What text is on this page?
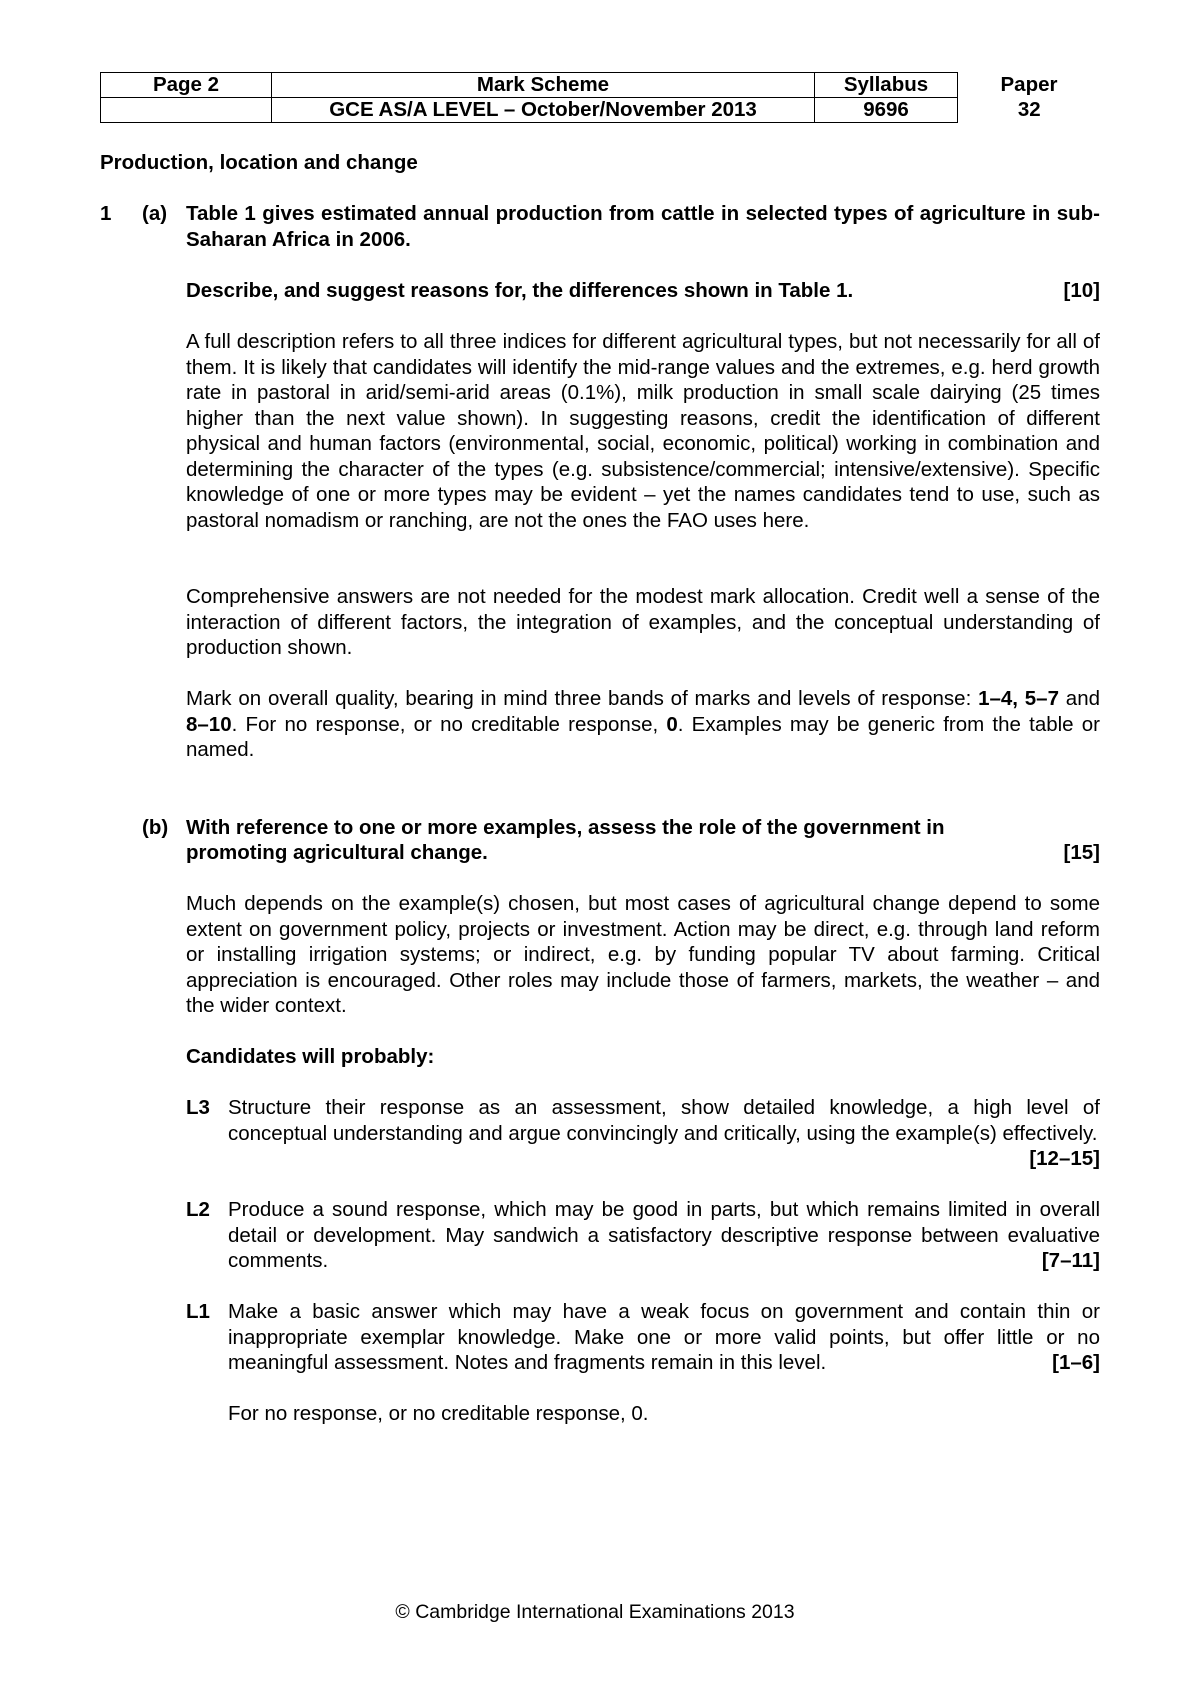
Page 2	Mark Scheme	Syllabus	Paper
	GCE AS/A LEVEL – October/November 2013	9696	32
Production, location and change
1 (a) Table 1 gives estimated annual production from cattle in selected types of agriculture in sub-Saharan Africa in 2006.
Describe, and suggest reasons for, the differences shown in Table 1.	[10]
A full description refers to all three indices for different agricultural types, but not necessarily for all of them. It is likely that candidates will identify the mid-range values and the extremes, e.g. herd growth rate in pastoral in arid/semi-arid areas (0.1%), milk production in small scale dairying (25 times higher than the next value shown). In suggesting reasons, credit the identification of different physical and human factors (environmental, social, economic, political) working in combination and determining the character of the types (e.g. subsistence/commercial; intensive/extensive). Specific knowledge of one or more types may be evident – yet the names candidates tend to use, such as pastoral nomadism or ranching, are not the ones the FAO uses here.
Comprehensive answers are not needed for the modest mark allocation. Credit well a sense of the interaction of different factors, the integration of examples, and the conceptual understanding of production shown.
Mark on overall quality, bearing in mind three bands of marks and levels of response: 1–4, 5–7 and 8–10. For no response, or no creditable response, 0. Examples may be generic from the table or named.
(b) With reference to one or more examples, assess the role of the government in
promoting agricultural change.	[15]
Much depends on the example(s) chosen, but most cases of agricultural change depend to some extent on government policy, projects or investment. Action may be direct, e.g. through land reform or installing irrigation systems; or indirect, e.g. by funding popular TV about farming. Critical appreciation is encouraged. Other roles may include those of farmers, markets, the weather – and the wider context.
Candidates will probably:
L3 Structure their response as an assessment, show detailed knowledge, a high level of conceptual understanding and argue convincingly and critically, using the example(s) effectively.
[12–15]
L2 Produce a sound response, which may be good in parts, but which remains limited in overall detail or development. May sandwich a satisfactory descriptive response between evaluative comments.	[7–11]
L1 Make a basic answer which may have a weak focus on government and contain thin or inappropriate exemplar knowledge. Make one or more valid points, but offer little or no meaningful assessment. Notes and fragments remain in this level.	[1–6]
For no response, or no creditable response, 0.
© Cambridge International Examinations 2013
